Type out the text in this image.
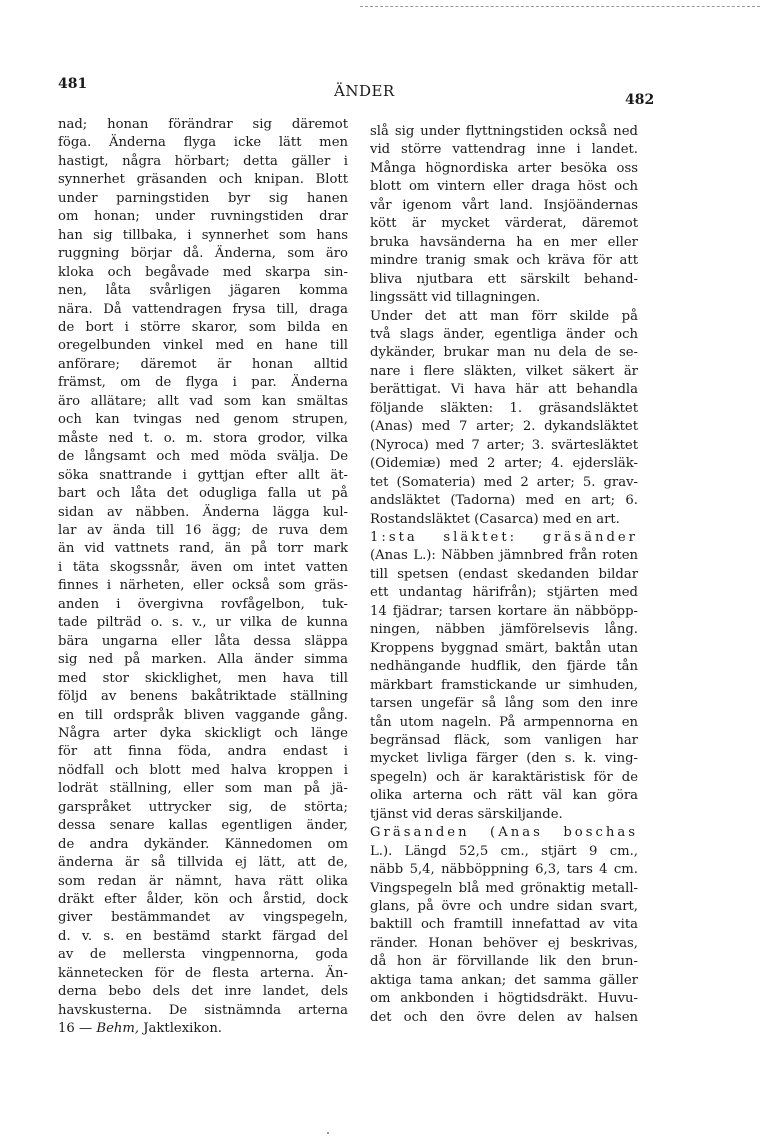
481	ÄNDER	482
nad; honan förändrar sig däremot
föga. Änderna flyga icke lätt men
hastigt, några hörbart; detta gäller i
synnerhet gräsanden och knipan. Blott
under parningstiden byr sig hanen
om honan; under ruvningstiden drar
han sig tillbaka, i synnerhet som hans
ruggning börjar då. Änderna, som äro
kloka och begåvade med skarpa sin-
nen, låta svårligen jägaren komma
nära. Då vattendragen frysa till, draga
de bort i större skaror, som bilda en
oregelbunden vinkel med en hane till
anförare; däremot är honan alltid
främst, om de flyga i par. Änderna
äro allätare; allt vad som kan smältas
och kan tvingas ned genom strupen,
måste ned t. o. m. stora grodor, vilka
de långsamt och med möda svälja. De
söka snattrande i gyttjan efter allt ät-
bart och låta det odugliga falla ut på
sidan av näbben. Änderna lägga kul-
lar av ända till 16 ägg; de ruva dem
än vid vattnets rand, än på torr mark
i täta skogssnår, även om intet vatten
finnes i närheten, eller också som gräs-
anden i övergivna rovfågelbon, tuk-
tade pilträd o. s. v., ur vilka de kunna
bära ungarna eller låta dessa släppa
sig ned på marken. Alla änder simma
med stor skicklighet, men hava till
följd av benens bakåtriktade ställning
en till ordspråk bliven vaggande gång.
Några arter dyka skickligt och länge
för att finna föda, andra endast i
nödfall och blott med halva kroppen i
lodrät ställning, eller som man på jä-
garspråket uttrycker sig, de störta;
dessa senare kallas egentligen änder,
de andra dykänder. Kännedomen om
änderna är så tillvida ej lätt, att de,
som redan är nämnt, hava rätt olika
dräkt efter ålder, kön och årstid, dock
giver bestämmandet av vingspegeln,
d. v. s. en bestämd starkt färgad del
av de mellersta vingpennorna, goda
kännetecken för de flesta arterna. Än-
derna bebo dels det inre landet, dels
havskusterna. De sistnämnda arterna
16 — Behm, Jaktlexikon.
slå sig under flyttningstiden också ned
vid större vattendrag inne i landet.
Många högnordiska arter besöka oss
blott om vintern eller draga höst och
vår igenom vårt land. Insjöändernas
kött är mycket värderat, däremot
bruka havsänderna ha en mer eller
mindre tranig smak och kräva för att
bliva njutbara ett särskilt behand-
lingssätt vid tillagningen.
Under det att man förr skilde på
två slags änder, egentliga änder och
dykänder, brukar man nu dela de se-
nare i flere släkten, vilket säkert är
berättigat. Vi hava här att behandla
följande släkten: 1. gräsandsläktet
(Anas) med 7 arter; 2. dykandsläktet
(Nyroca) med 7 arter; 3. svärtesläktet
(Oidemiæ) med 2 arter; 4. ejdersläk-
tet (Somateria) med 2 arter; 5. grav-
andsläktet (Tadorna) med en art; 6.
Rostandsläktet (Casarca) med en art.
1:sta släktet: gräsänder
(Anas L.): Näbben jämnbred från roten
till spetsen (endast skedanden bildar
ett undantag härifrån); stjärten med
14 fjädrar; tarsen kortare än näbböpp-
ningen, näbben jämförelsevis lång.
Kroppens byggnad smärt, baktån utan
nedhängande hudflik, den fjärde tån
märkbart framstickande ur simhuden,
tarsen ungefär så lång som den inre
tån utom nageln. På armpennorna en
begränsad fläck, som vanligen har
mycket livliga färger (den s. k. ving-
spegeln) och är karaktäristisk för de
olika arterna och rätt väl kan göra
tjänst vid deras särskiljande.
Gräsanden (Anas boschas
L.). Längd 52,5 cm., stjärt 9 cm.,
näbb 5,4, näbböppning 6,3, tars 4 cm.
Vingspegeln blå med grönaktig metall-
glans, på övre och undre sidan svart,
baktill och framtill innefattad av vita
ränder. Honan behöver ej beskrivas,
då hon är förvillande lik den brun-
aktiga tama ankan; det samma gäller
om ankbonden i högtidsdräkt. Huvu-
det och den övre delen av halsen
